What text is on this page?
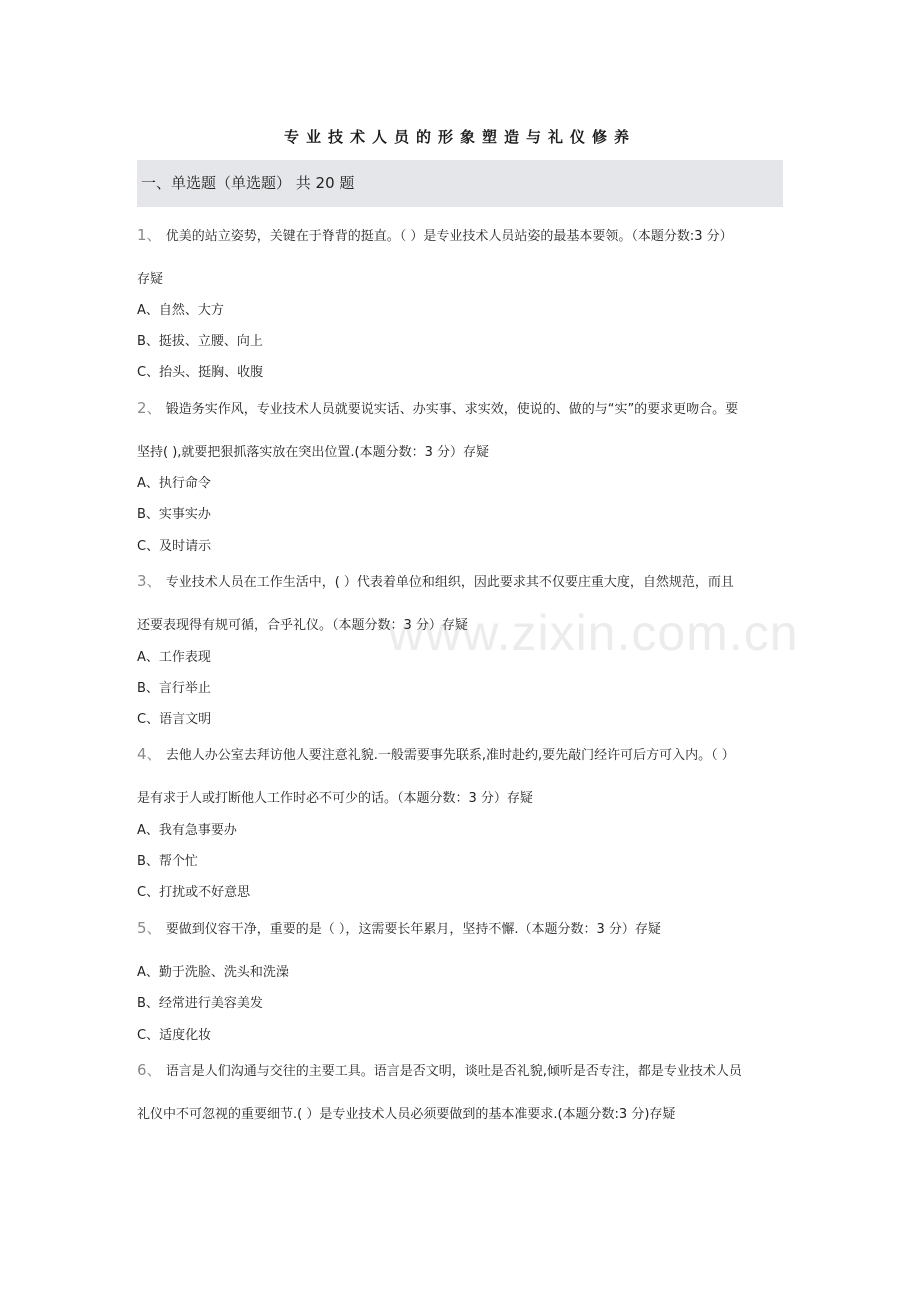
www.zixin.com.cn
专业技术人员的形象塑造与礼仪修养
一、单选题（单选题） 共 20 题
1、 优美的站立姿势，关键在于脊背的挺直。（ ）是专业技术人员站姿的最基本要领。（本题分数:3 分）
存疑
A、自然、大方
B、挺拔、立腰、向上
C、抬头、挺胸、收腹
2、 锻造务实作风，专业技术人员就要说实话、办实事、求实效，使说的、做的与“实”的要求更吻合。要
坚持( ),就要把狠抓落实放在突出位置.(本题分数：3 分）存疑
A、执行命令
B、实事实办
C、及时请示
3、 专业技术人员在工作生活中，( ）代表着单位和组织，因此要求其不仅要庄重大度，自然规范，而且
还要表现得有规可循，合乎礼仪。（本题分数：3 分）存疑
A、工作表现
B、言行举止
C、语言文明
4、 去他人办公室去拜访他人要注意礼貌.一般需要事先联系,准时赴约,要先敲门经许可后方可入内。（ ）
是有求于人或打断他人工作时必不可少的话。（本题分数：3 分）存疑
A、我有急事要办
B、帮个忙
C、打扰或不好意思
5、 要做到仪容干净，重要的是（ ），这需要长年累月，坚持不懈.（本题分数：3 分）存疑
A、勤于洗脸、洗头和洗澡
B、经常进行美容美发
C、适度化妆
6、 语言是人们沟通与交往的主要工具。语言是否文明，谈吐是否礼貌,倾听是否专注，都是专业技术人员
礼仪中不可忽视的重要细节.( ）是专业技术人员必须要做到的基本准要求.(本题分数:3 分)存疑
